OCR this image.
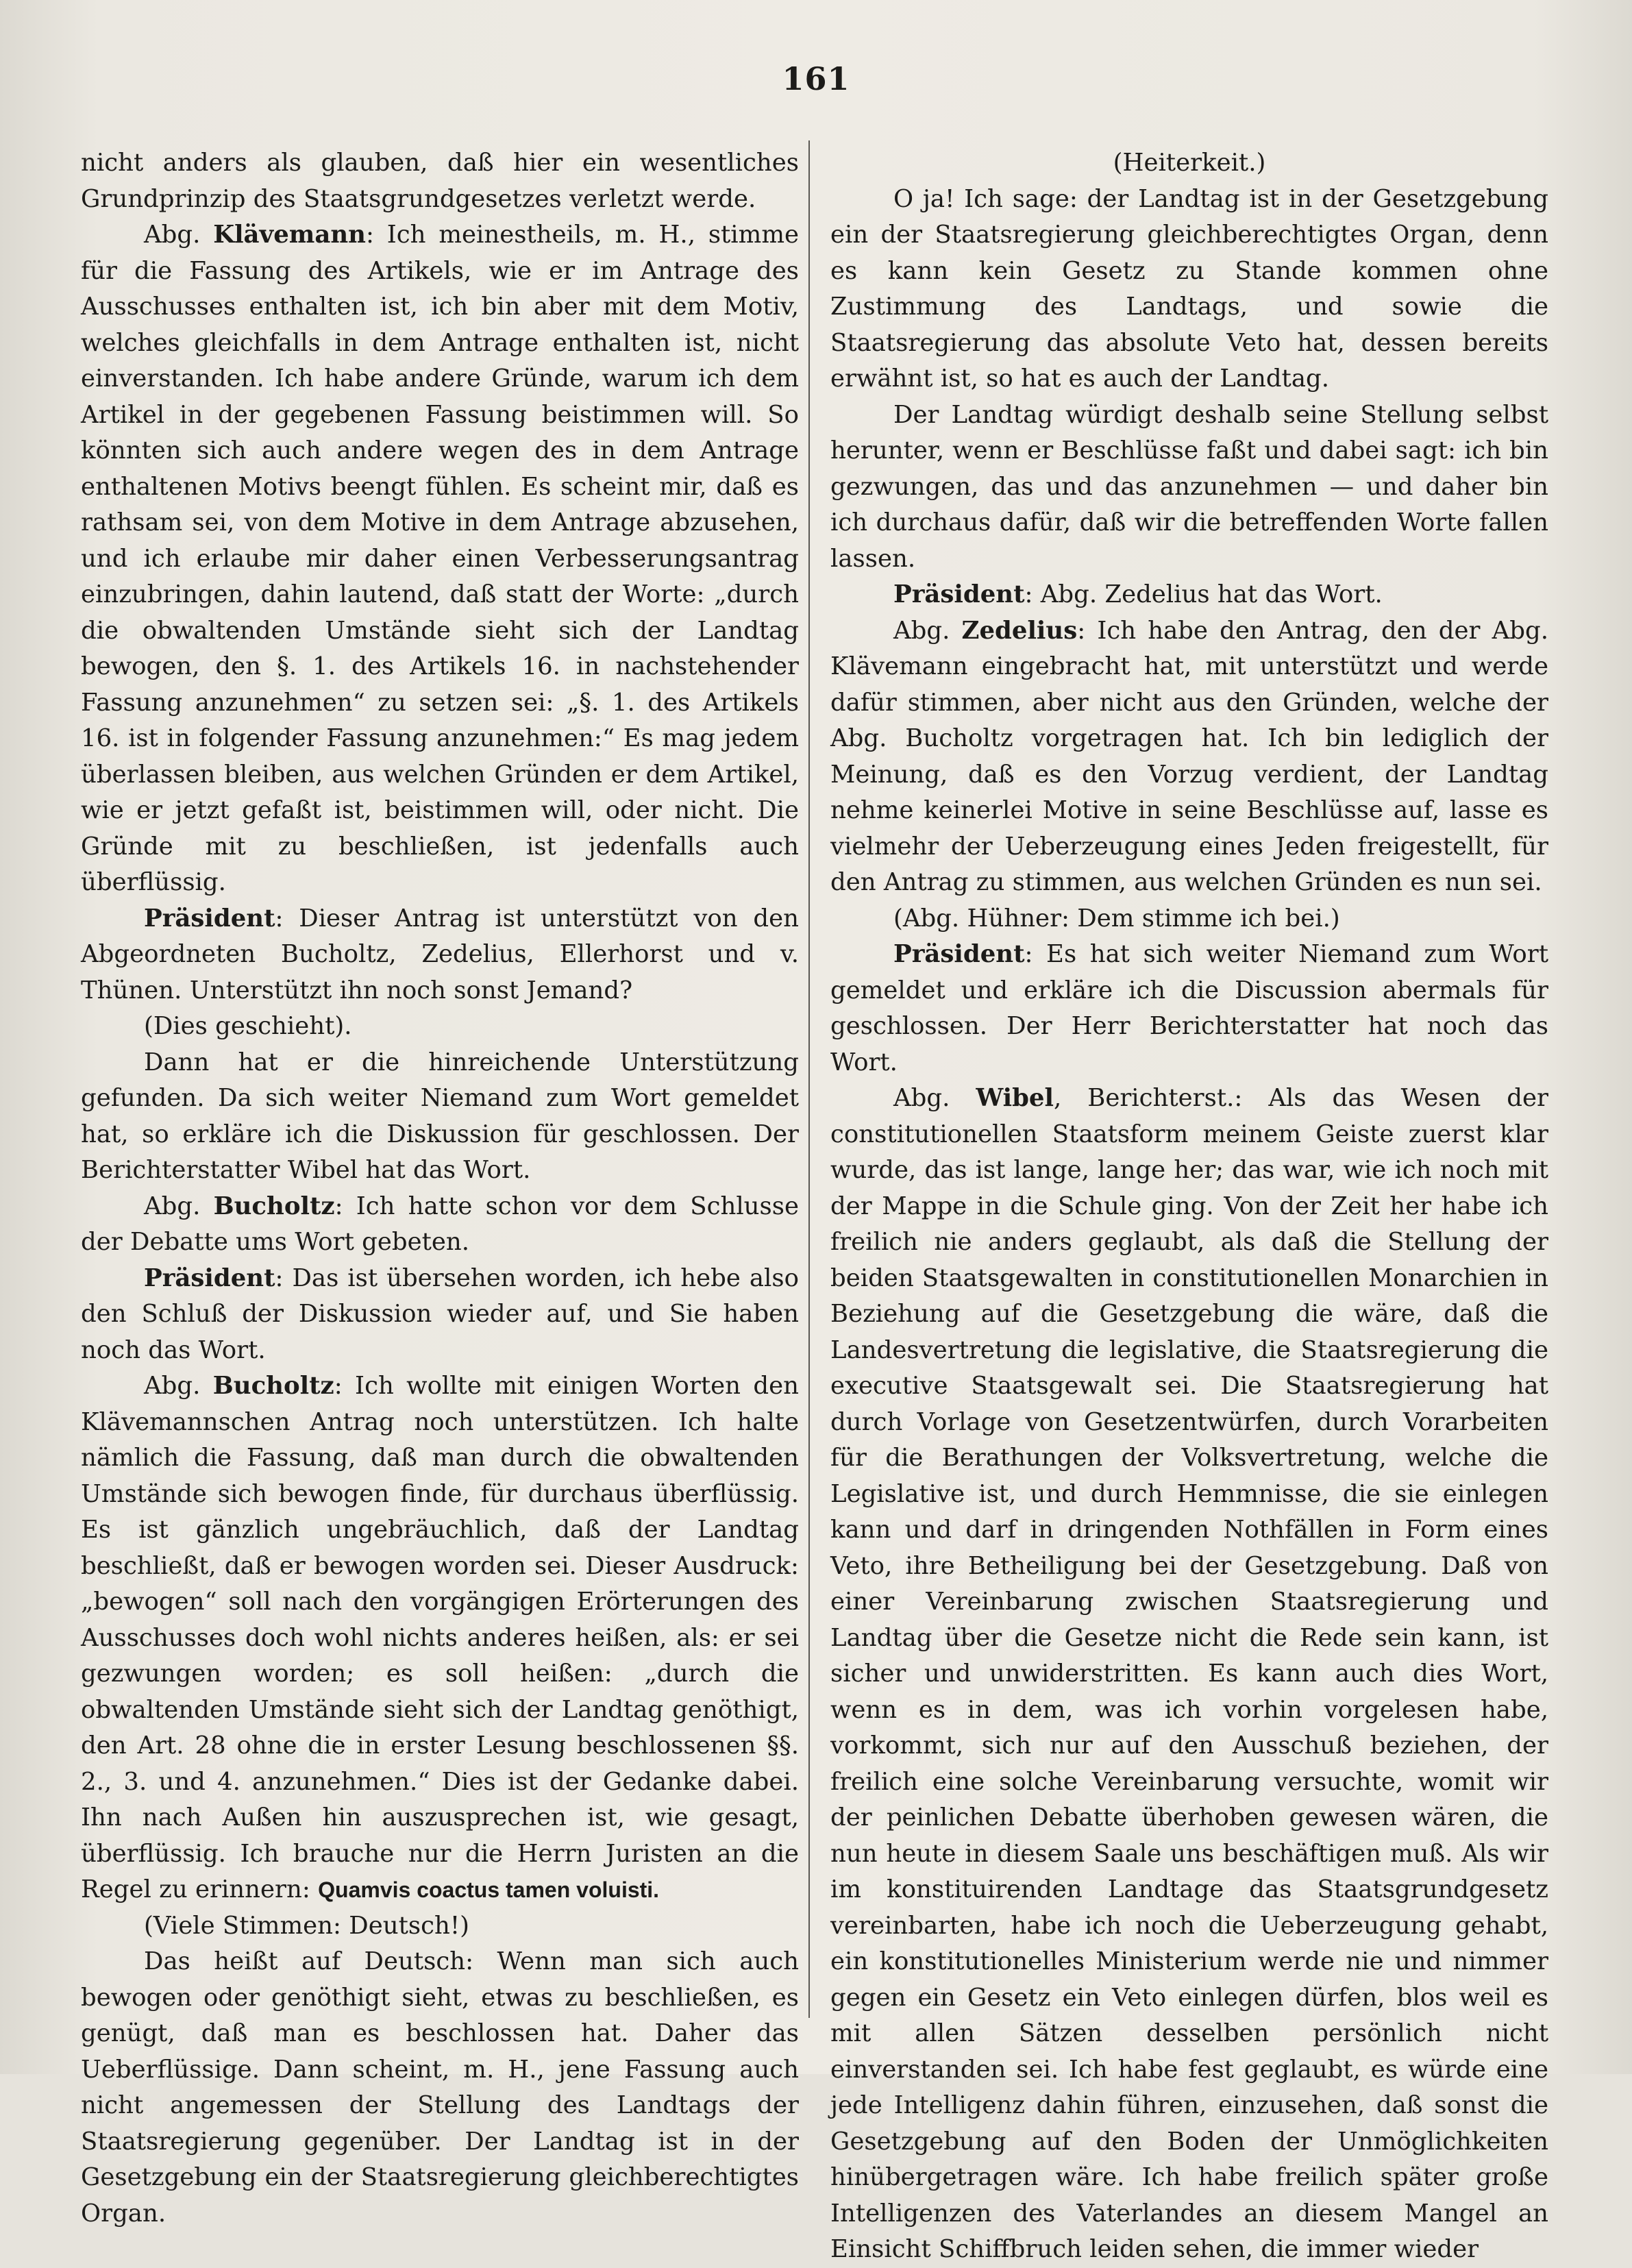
161

nicht anders als glauben, daß hier ein wesentliches Grundprinzip des Staatsgrundgesetzes verletzt werde.

Abg. Klävemann: Ich meinestheils, m. H., stimme für die Fassung des Artikels, wie er im Antrage des Ausschusses enthalten ist, ich bin aber mit dem Motiv, welches gleichfalls in dem Antrage enthalten ist, nicht einverstanden. Ich habe andere Gründe, warum ich dem Artikel in der gegebenen Fassung beistimmen will. So könnten sich auch andere wegen des in dem Antrage enthaltenen Motivs beengt fühlen. Es scheint mir, daß es rathsam sei, von dem Motive in dem Antrage abzusehen, und ich erlaube mir daher einen Verbesserungsantrag einzubringen, dahin lautend, daß statt der Worte: „durch die obwaltenden Umstände sieht sich der Landtag bewogen, den §. 1. des Artikels 16. in nachstehender Fassung anzunehmen“ zu setzen sei: „§. 1. des Artikels 16. ist in folgender Fassung anzunehmen:“ Es mag jedem überlassen bleiben, aus welchen Gründen er dem Artikel, wie er jetzt gefaßt ist, beistimmen will, oder nicht. Die Gründe mit zu beschließen, ist jedenfalls auch überflüssig.

Präsident: Dieser Antrag ist unterstützt von den Abgeordneten Bucholtz, Zedelius, Ellerhorst und v. Thünen. Unterstützt ihn noch sonst Jemand?

(Dies geschieht).

Dann hat er die hinreichende Unterstützung gefunden. Da sich weiter Niemand zum Wort gemeldet hat, so erkläre ich die Diskussion für geschlossen. Der Berichterstatter Wibel hat das Wort.

Abg. Bucholtz: Ich hatte schon vor dem Schlusse der Debatte ums Wort gebeten.

Präsident: Das ist übersehen worden, ich hebe also den Schluß der Diskussion wieder auf, und Sie haben noch das Wort.

Abg. Bucholtz: Ich wollte mit einigen Worten den Klävemannschen Antrag noch unterstützen. Ich halte nämlich die Fassung, daß man durch die obwaltenden Umstände sich bewogen finde, für durchaus überflüssig. Es ist gänzlich ungebräuchlich, daß der Landtag beschließt, daß er bewogen worden sei. Dieser Ausdruck: „bewogen“ soll nach den vorgängigen Erörterungen des Ausschusses doch wohl nichts anderes heißen, als: er sei gezwungen worden; es soll heißen: „durch die obwaltenden Umstände sieht sich der Landtag genöthigt, den Art. 28 ohne die in erster Lesung beschlossenen §§. 2., 3. und 4. anzunehmen.“ Dies ist der Gedanke dabei. Ihn nach Außen hin auszusprechen ist, wie gesagt, überflüssig. Ich brauche nur die Herrn Juristen an die Regel zu erinnern: Quamvis coactus tamen voluisti.

(Viele Stimmen: Deutsch!)

Das heißt auf Deutsch: Wenn man sich auch bewogen oder genöthigt sieht, etwas zu beschließen, es genügt, daß man es beschlossen hat. Daher das Ueberflüssige. Dann scheint, m. H., jene Fassung auch nicht angemessen der Stellung des Landtags der Staatsregierung gegenüber. Der Landtag ist in der Gesetzgebung ein der Staatsregierung gleichberechtigtes Organ.

(Heiterkeit.)

O ja! Ich sage: der Landtag ist in der Gesetzgebung ein der Staatsregierung gleichberechtigtes Organ, denn es kann kein Gesetz zu Stande kommen ohne Zustimmung des Landtags, und sowie die Staatsregierung das absolute Veto hat, dessen bereits erwähnt ist, so hat es auch der Landtag.

Der Landtag würdigt deshalb seine Stellung selbst herunter, wenn er Beschlüsse faßt und dabei sagt: ich bin gezwungen, das und das anzunehmen — und daher bin ich durchaus dafür, daß wir die betreffenden Worte fallen lassen.

Präsident: Abg. Zedelius hat das Wort.

Abg. Zedelius: Ich habe den Antrag, den der Abg. Klävemann eingebracht hat, mit unterstützt und werde dafür stimmen, aber nicht aus den Gründen, welche der Abg. Bucholtz vorgetragen hat. Ich bin lediglich der Meinung, daß es den Vorzug verdient, der Landtag nehme keinerlei Motive in seine Beschlüsse auf, lasse es vielmehr der Ueberzeugung eines Jeden freigestellt, für den Antrag zu stimmen, aus welchen Gründen es nun sei.

(Abg. Hühner: Dem stimme ich bei.)

Präsident: Es hat sich weiter Niemand zum Wort gemeldet und erkläre ich die Discussion abermals für geschlossen. Der Herr Berichterstatter hat noch das Wort.

Abg. Wibel, Berichterst.: Als das Wesen der constitutionellen Staatsform meinem Geiste zuerst klar wurde, das ist lange, lange her; das war, wie ich noch mit der Mappe in die Schule ging. Von der Zeit her habe ich freilich nie anders geglaubt, als daß die Stellung der beiden Staatsgewalten in constitutionellen Monarchien in Beziehung auf die Gesetzgebung die wäre, daß die Landesvertretung die legislative, die Staatsregierung die executive Staatsgewalt sei. Die Staatsregierung hat durch Vorlage von Gesetzentwürfen, durch Vorarbeiten für die Berathungen der Volksvertretung, welche die Legislative ist, und durch Hemmnisse, die sie einlegen kann und darf in dringenden Nothfällen in Form eines Veto, ihre Betheiligung bei der Gesetzgebung. Daß von einer Vereinbarung zwischen Staatsregierung und Landtag über die Gesetze nicht die Rede sein kann, ist sicher und unwiderstritten. Es kann auch dies Wort, wenn es in dem, was ich vorhin vorgelesen habe, vorkommt, sich nur auf den Ausschuß beziehen, der freilich eine solche Vereinbarung versuchte, womit wir der peinlichen Debatte überhoben gewesen wären, die nun heute in diesem Saale uns beschäftigen muß. Als wir im konstituirenden Landtage das Staatsgrundgesetz vereinbarten, habe ich noch die Ueberzeugung gehabt, ein konstitutionelles Ministerium werde nie und nimmer gegen ein Gesetz ein Veto einlegen dürfen, blos weil es mit allen Sätzen desselben persönlich nicht einverstanden sei. Ich habe fest geglaubt, es würde eine jede Intelligenz dahin führen, einzusehen, daß sonst die Gesetzgebung auf den Boden der Unmöglichkeiten hinübergetragen wäre. Ich habe freilich später große Intelligenzen des Vaterlandes an diesem Mangel an Einsicht Schiffbruch leiden sehen, die immer wieder
